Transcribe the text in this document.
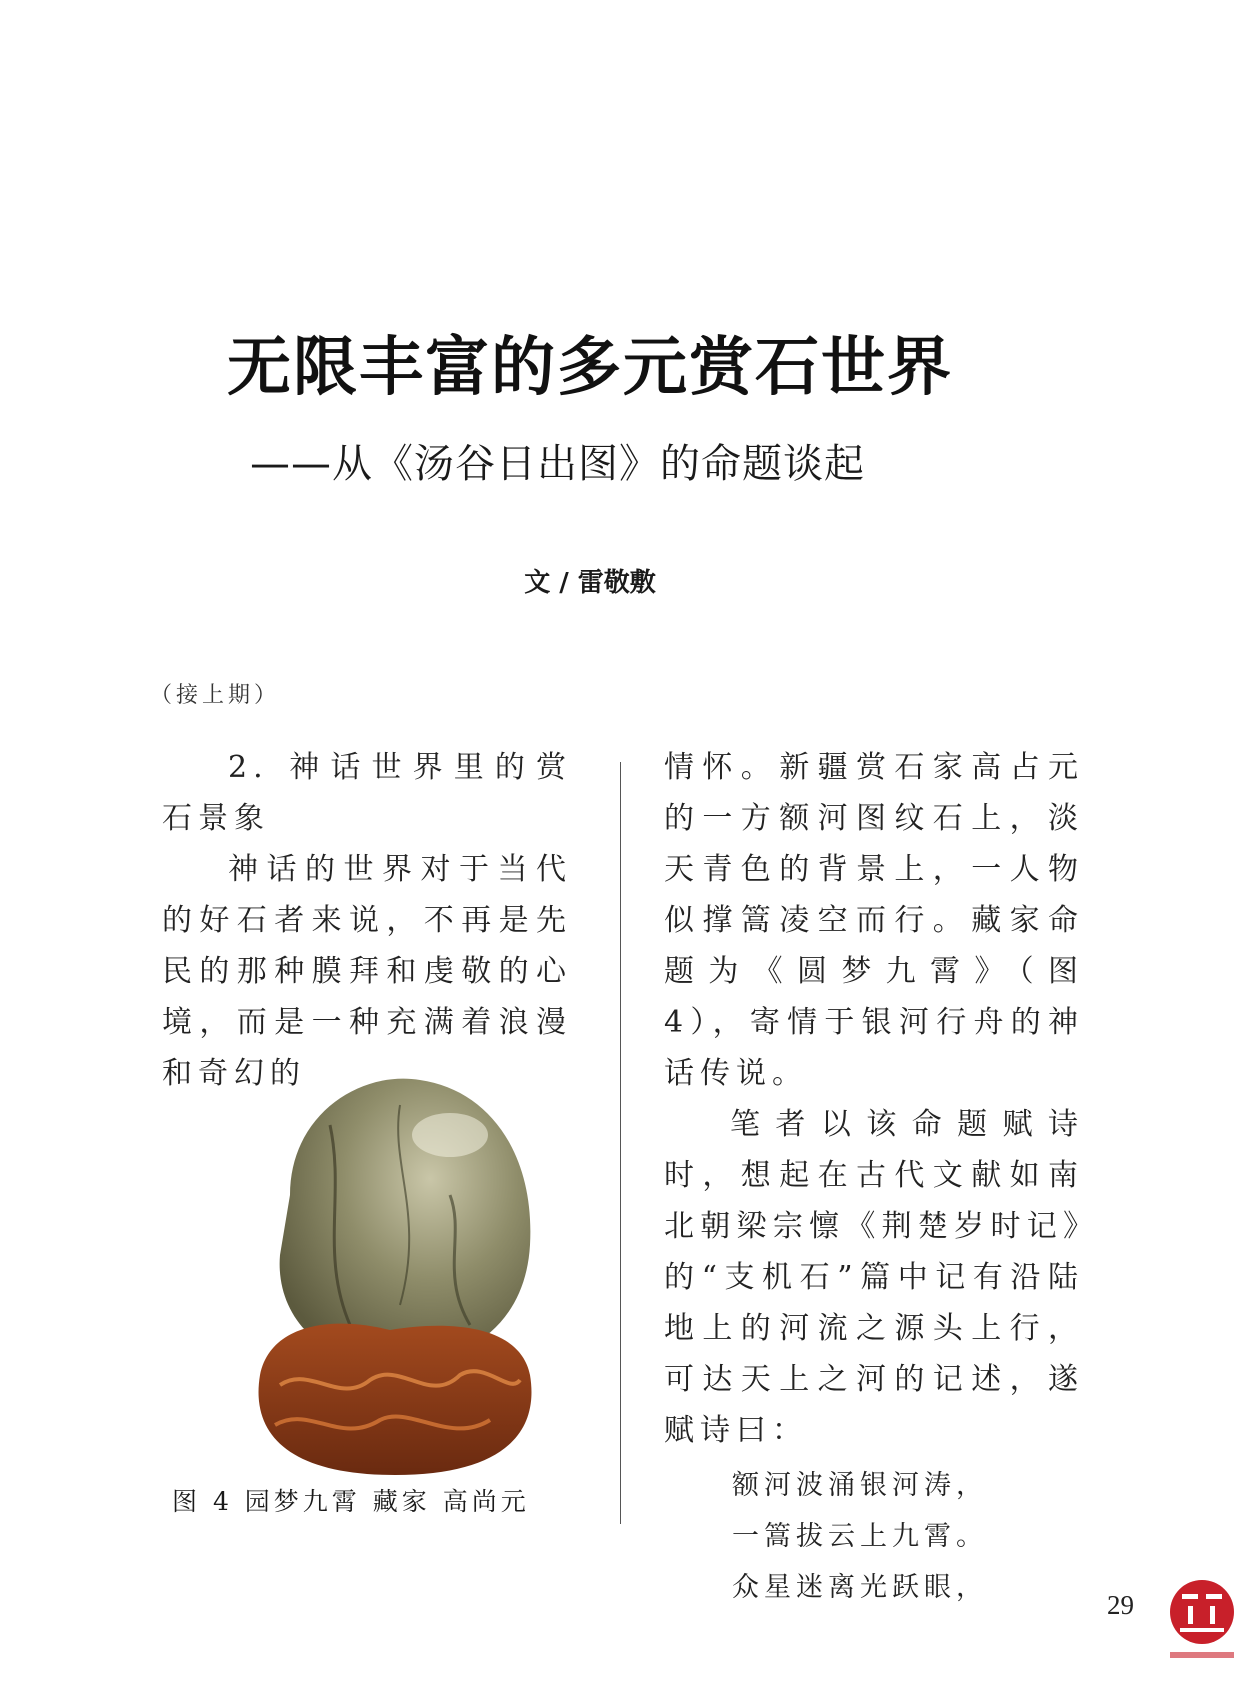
无限丰富的多元赏石世界
——从《汤谷日出图》的命题谈起
文 / 雷敬敷
（接上期）

2. 神话世界里的赏石景象

神话的世界对于当代的好石者来说，不再是先民的那种膜拜和虔敬的心境，而是一种充满着浪漫和奇幻的

图 4 园梦九霄 藏家 高尚元

情怀。新疆赏石家高占元的一方额河图纹石上，淡天青色的背景上，一人物似撑篙凌空而行。藏家命题为《圆梦九霄》（图 4），寄情于银河行舟的神话传说。

笔者以该命题赋诗时，想起在古代文献如南北朝梁宗懔《荆楚岁时记》的“支机石”篇中记有沿陆地上的河流之源头上行，可达天上之河的记述，遂赋诗曰：

额河波涌银河涛，
一篙拔云上九霄。
众星迷离光跃眼，
29
